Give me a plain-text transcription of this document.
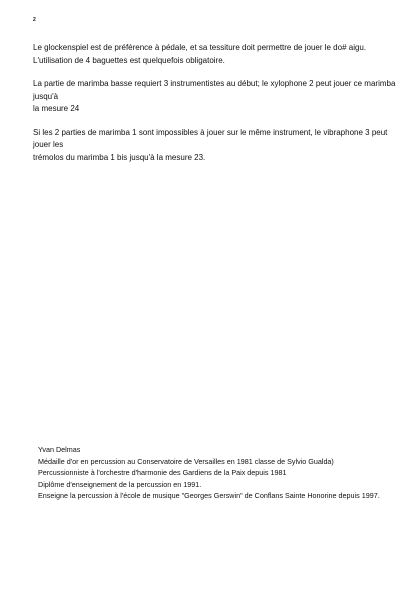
2

Le glockenspiel est de préférence à pédale, et sa tessiture doit permettre de jouer le do# aigu.
L'utilisation de 4 baguettes est quelquefois obligatoire.

La partie de marimba basse requiert 3 instrumentistes au début; le xylophone 2 peut jouer ce marimba jusqu'à
la mesure 24

Si les 2 parties de marimba 1 sont impossibles à jouer sur le même instrument, le vibraphone 3 peut jouer les
trémolos du marimba 1 bis jusqu'à la mesure 23.

Yvan Delmas
Médaille d'or en percussion au Conservatoire de Versailles en 1981 classe de Sylvio Gualda)
Percussionniste à l'orchestre d'harmonie des Gardiens de la Paix depuis 1981
Diplôme d'enseignement de la percussion en 1991.
Enseigne la percussion à l'école de musique "Georges Gerswin" de Conflans Sainte Honorine depuis 1997.
